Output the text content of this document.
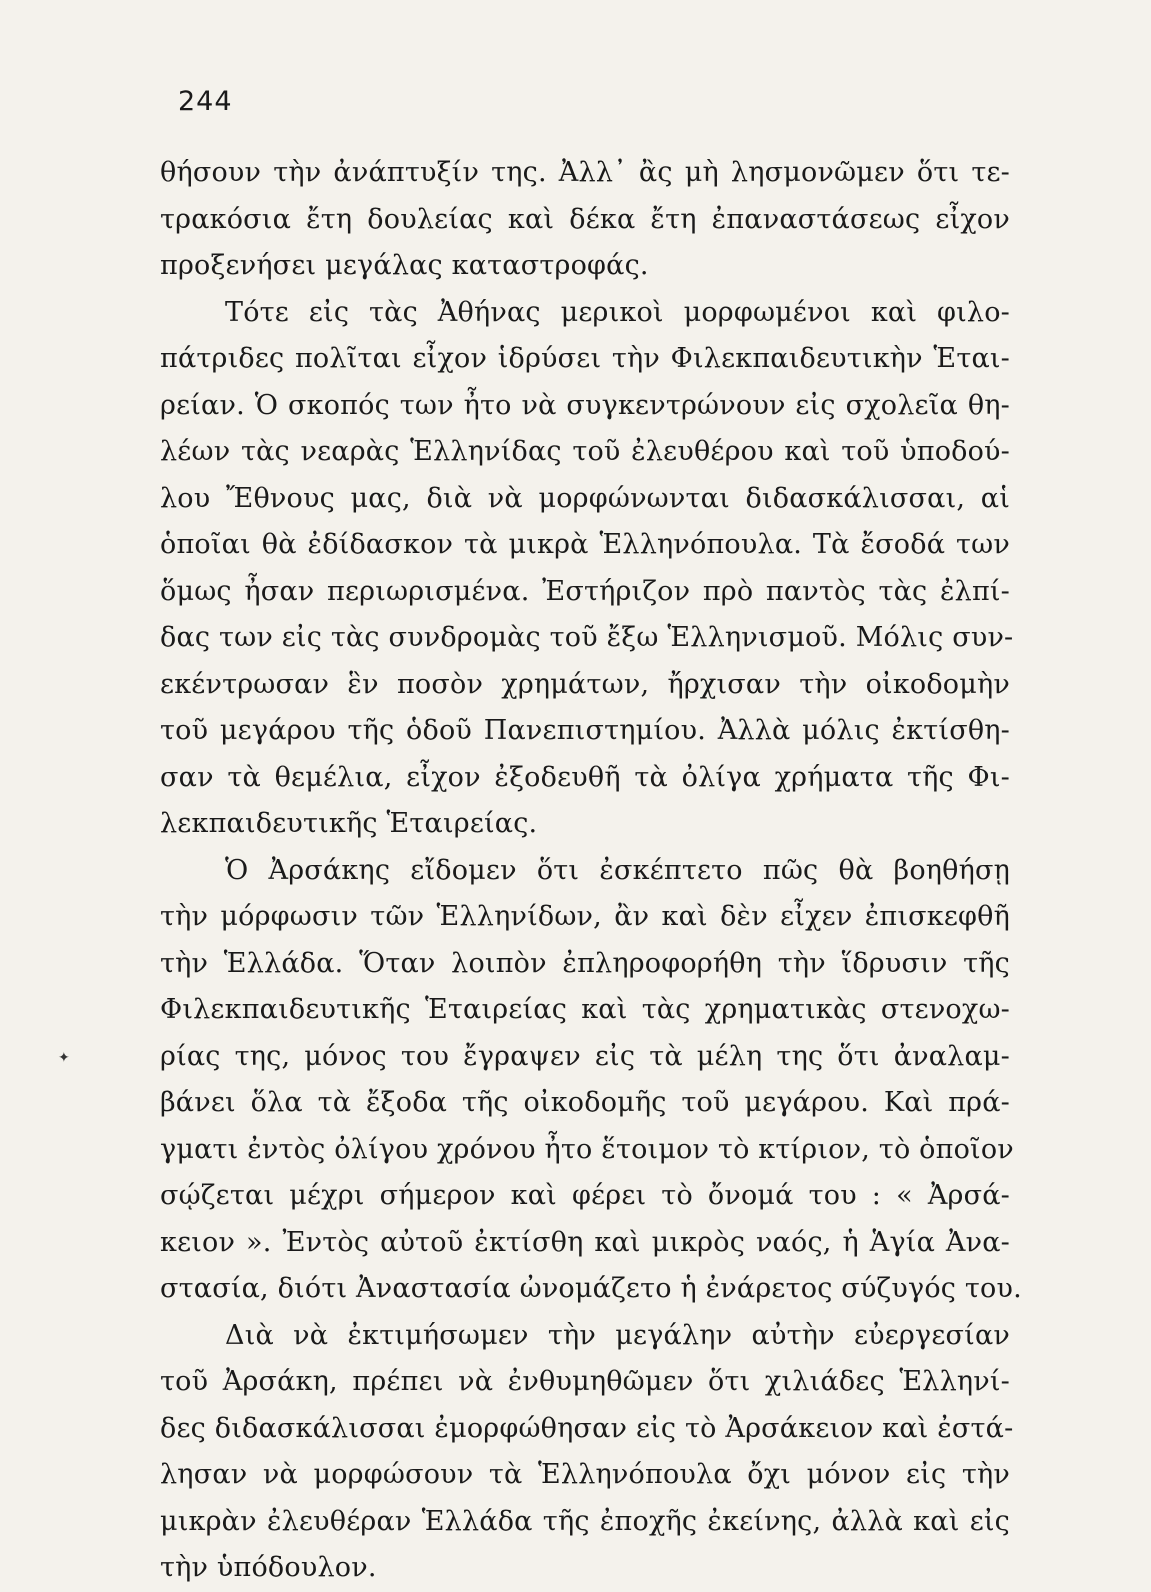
244
θήσουν τὴν ἀνάπτυξίν της. Ἀλλ᾽ ἂς μὴ λησμονῶμεν ὅτι τε-
τρακόσια ἔτη δουλείας καὶ δέκα ἔτη ἐπαναστάσεως εἶχον
προξενήσει μεγάλας καταστροφάς.
Τότε εἰς τὰς Ἀθήνας μερικοὶ μορφωμένοι καὶ φιλο-
πάτριδες πολῖται εἶχον ἱδρύσει τὴν Φιλεκπαιδευτικὴν Ἑται-
ρείαν. Ὁ σκοπός των ἦτο νὰ συγκεντρώνουν εἰς σχολεῖα θη-
λέων τὰς νεαρὰς Ἑλληνίδας τοῦ ἐλευθέρου καὶ τοῦ ὑποδού-
λου Ἔθνους μας, διὰ νὰ μορφώνωνται διδασκάλισσαι, αἱ
ὁποῖαι θὰ ἐδίδασκον τὰ μικρὰ Ἑλληνόπουλα. Τὰ ἔσοδά των
ὅμως ἦσαν περιωρισμένα. Ἐστήριζον πρὸ παντὸς τὰς ἐλπί-
δας των εἰς τὰς συνδρομὰς τοῦ ἔξω Ἑλληνισμοῦ. Μόλις συν-
εκέντρωσαν ἓν ποσὸν χρημάτων, ἤρχισαν τὴν οἰκοδομὴν
τοῦ μεγάρου τῆς ὁδοῦ Πανεπιστημίου. Ἀλλὰ μόλις ἐκτίσθη-
σαν τὰ θεμέλια, εἶχον ἐξοδευθῆ τὰ ὀλίγα χρήματα τῆς Φι-
λεκπαιδευτικῆς Ἑταιρείας.
Ὁ Ἀρσάκης εἴδομεν ὅτι ἐσκέπτετο πῶς θὰ βοηθήσῃ
τὴν μόρφωσιν τῶν Ἑλληνίδων, ἂν καὶ δὲν εἶχεν ἐπισκεφθῆ
τὴν Ἑλλάδα. Ὅταν λοιπὸν ἐπληροφορήθη τὴν ἵδρυσιν τῆς
Φιλεκπαιδευτικῆς Ἑταιρείας καὶ τὰς χρηματικὰς στενοχω-
ρίας της, μόνος του ἔγραψεν εἰς τὰ μέλη της ὅτι ἀναλαμ-
βάνει ὅλα τὰ ἔξοδα τῆς οἰκοδομῆς τοῦ μεγάρου. Καὶ πρά-
γματι ἐντὸς ὀλίγου χρόνου ἦτο ἕτοιμον τὸ κτίριον, τὸ ὁποῖον
σῴζεται μέχρι σήμερον καὶ φέρει τὸ ὄνομά του : « Ἀρσά-
κειον ». Ἐντὸς αὐτοῦ ἐκτίσθη καὶ μικρὸς ναός, ἡ Ἁγία Ἀνα-
στασία, διότι Ἀναστασία ὠνομάζετο ἡ ἐνάρετος σύζυγός του.
Διὰ νὰ ἐκτιμήσωμεν τὴν μεγάλην αὐτὴν εὐεργεσίαν
τοῦ Ἀρσάκη, πρέπει νὰ ἐνθυμηθῶμεν ὅτι χιλιάδες Ἑλληνί-
δες διδασκάλισσαι ἐμορφώθησαν εἰς τὸ Ἀρσάκειον καὶ ἐστά-
λησαν νὰ μορφώσουν τὰ Ἑλληνόπουλα ὄχι μόνον εἰς τὴν
μικρὰν ἐλευθέραν Ἑλλάδα τῆς ἐποχῆς ἐκείνης, ἀλλὰ καὶ εἰς
τὴν ὑπόδουλον.
✦
